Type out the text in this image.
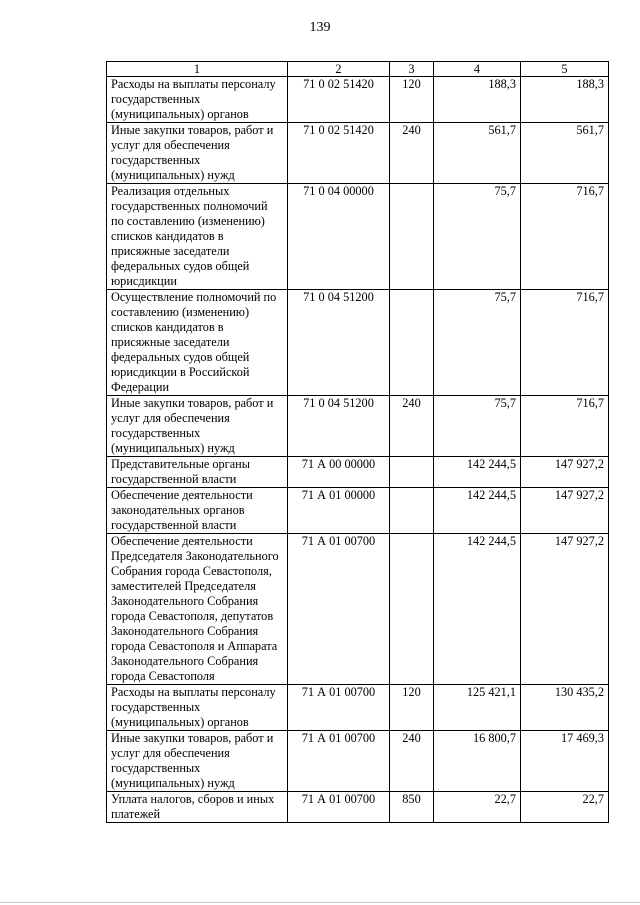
139
1	2	3	4	5
Расходы на выплаты персоналу государственных (муниципальных) органов	71 0 02 51420	120	188,3	188,3
Иные закупки товаров, работ и услуг для обеспечения государственных (муниципальных) нужд	71 0 02 51420	240	561,7	561,7
Реализация отдельных государственных полномочий по составлению (изменению) списков кандидатов в присяжные заседатели федеральных судов общей юрисдикции	71 0 04 00000		75,7	716,7
Осуществление полномочий по составлению (изменению) списков кандидатов в присяжные заседатели федеральных судов общей юрисдикции в Российской Федерации	71 0 04 51200		75,7	716,7
Иные закупки товаров, работ и услуг для обеспечения государственных (муниципальных) нужд	71 0 04 51200	240	75,7	716,7
Представительные органы государственной власти	71 А 00 00000		142 244,5	147 927,2
Обеспечение деятельности законодательных органов государственной власти	71 А 01 00000		142 244,5	147 927,2
Обеспечение деятельности Председателя Законодательного Собрания города Севастополя, заместителей Председателя Законодательного Собрания города Севастополя, депутатов Законодательного Собрания города Севастополя и Аппарата Законодательного Собрания города Севастополя	71 А 01 00700		142 244,5	147 927,2
Расходы на выплаты персоналу государственных (муниципальных) органов	71 А 01 00700	120	125 421,1	130 435,2
Иные закупки товаров, работ и услуг для обеспечения государственных (муниципальных) нужд	71 А 01 00700	240	16 800,7	17 469,3
Уплата налогов, сборов и иных платежей	71 А 01 00700	850	22,7	22,7
